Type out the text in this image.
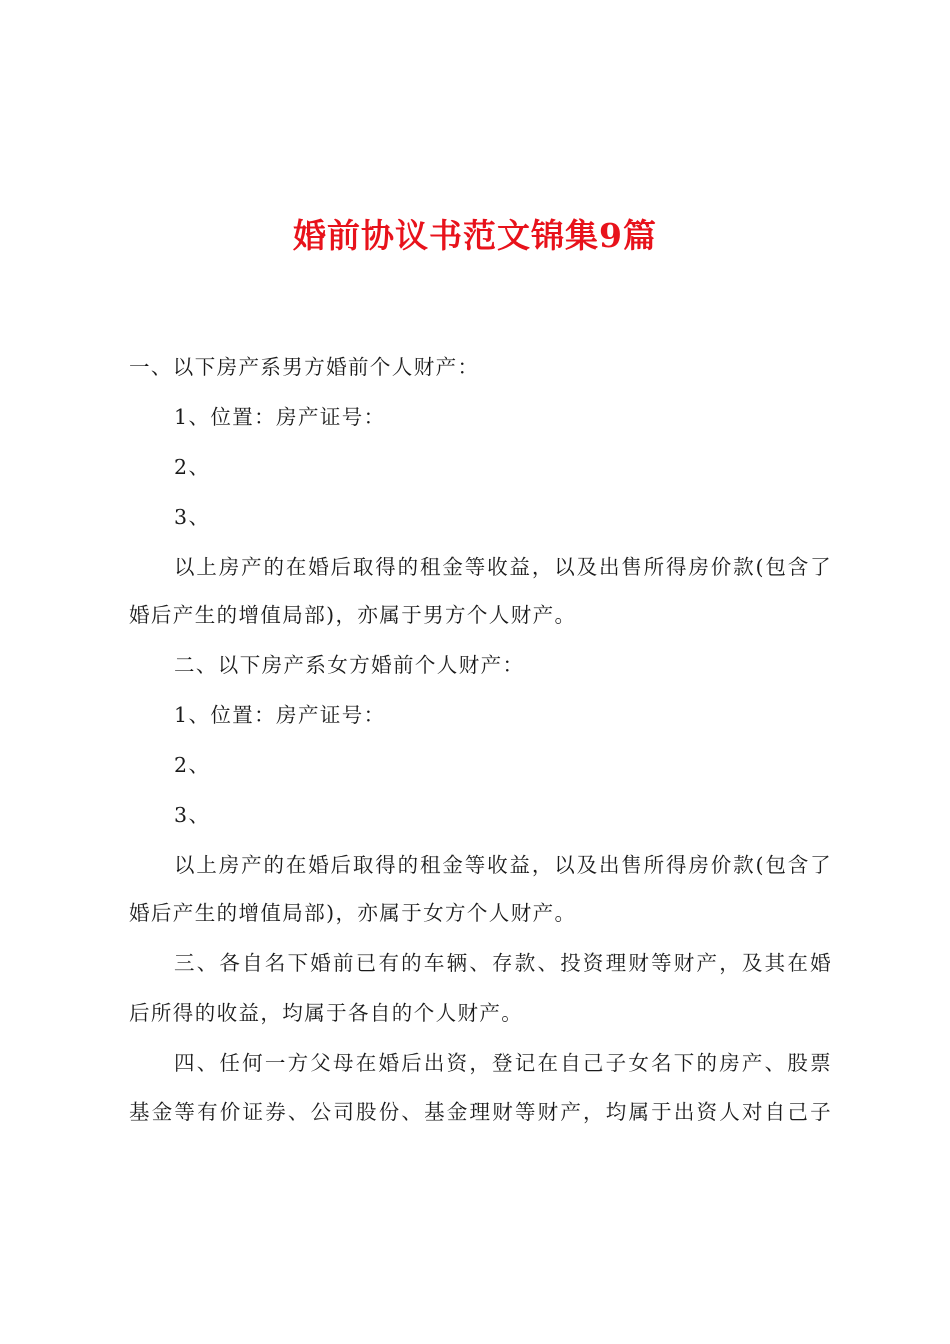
婚前协议书范文锦集9篇
一、以下房产系男方婚前个人财产：
1、位置：房产证号：
2、
3、
以上房产的在婚后取得的租金等收益，以及出售所得房价款(包含了
婚后产生的增值局部)，亦属于男方个人财产。
二、以下房产系女方婚前个人财产：
1、位置：房产证号：
2、
3、
以上房产的在婚后取得的租金等收益，以及出售所得房价款(包含了
婚后产生的增值局部)，亦属于女方个人财产。
三、各自名下婚前已有的车辆、存款、投资理财等财产，及其在婚
后所得的收益，均属于各自的个人财产。
四、任何一方父母在婚后出资，登记在自己子女名下的房产、股票
基金等有价证券、公司股份、基金理财等财产，均属于出资人对自己子
